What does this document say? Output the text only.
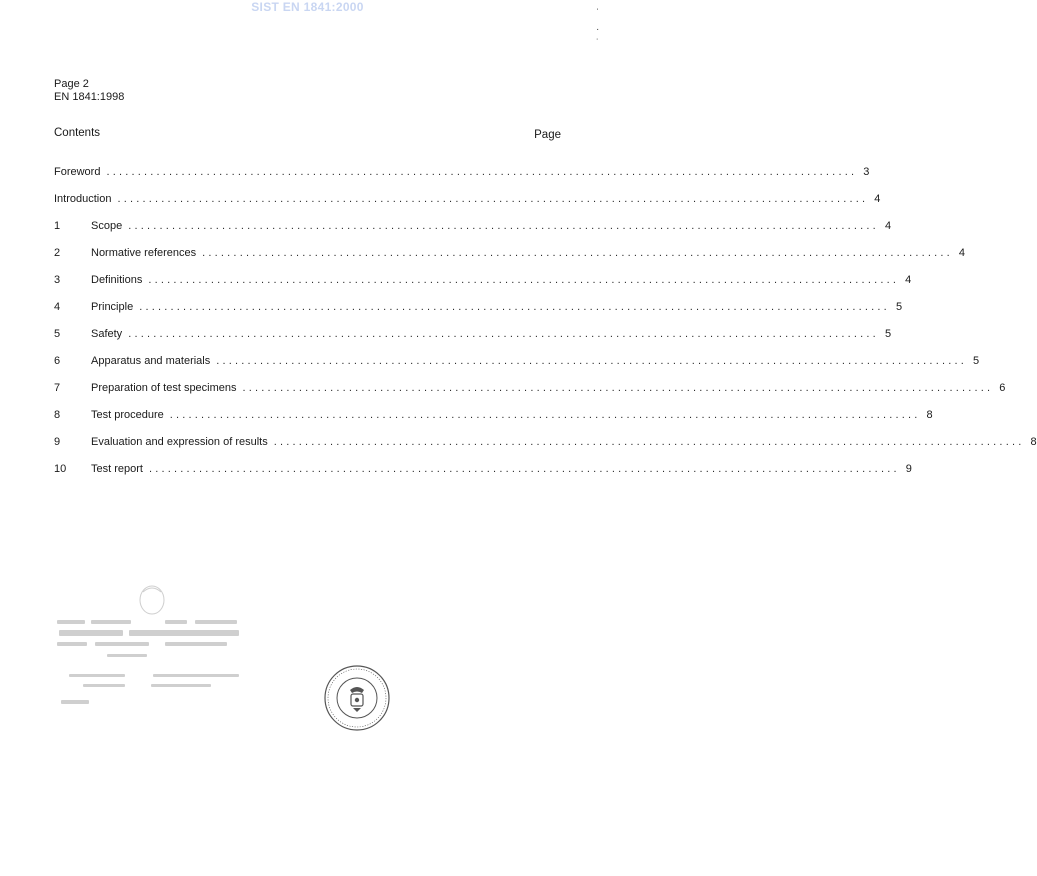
SIST EN 1841:2000	ˈ
·
˙
Page 2
EN 1841:1998
Contents	Page
Foreword ........................................................................................................................ 3
Introduction ........................................................................................................................ 4
1	Scope ........................................................................................................................ 4
2	Normative references ........................................................................................................................ 4
3	Definitions ........................................................................................................................ 4
4	Principle ........................................................................................................................ 5
5	Safety ........................................................................................................................ 5
6	Apparatus and materials ........................................................................................................................ 5
7	Preparation of test specimens ........................................................................................................................ 6
8	Test procedure ........................................................................................................................ 8
9	Evaluation and expression of results ........................................................................................................................ 8
10	Test report ........................................................................................................................ 9
